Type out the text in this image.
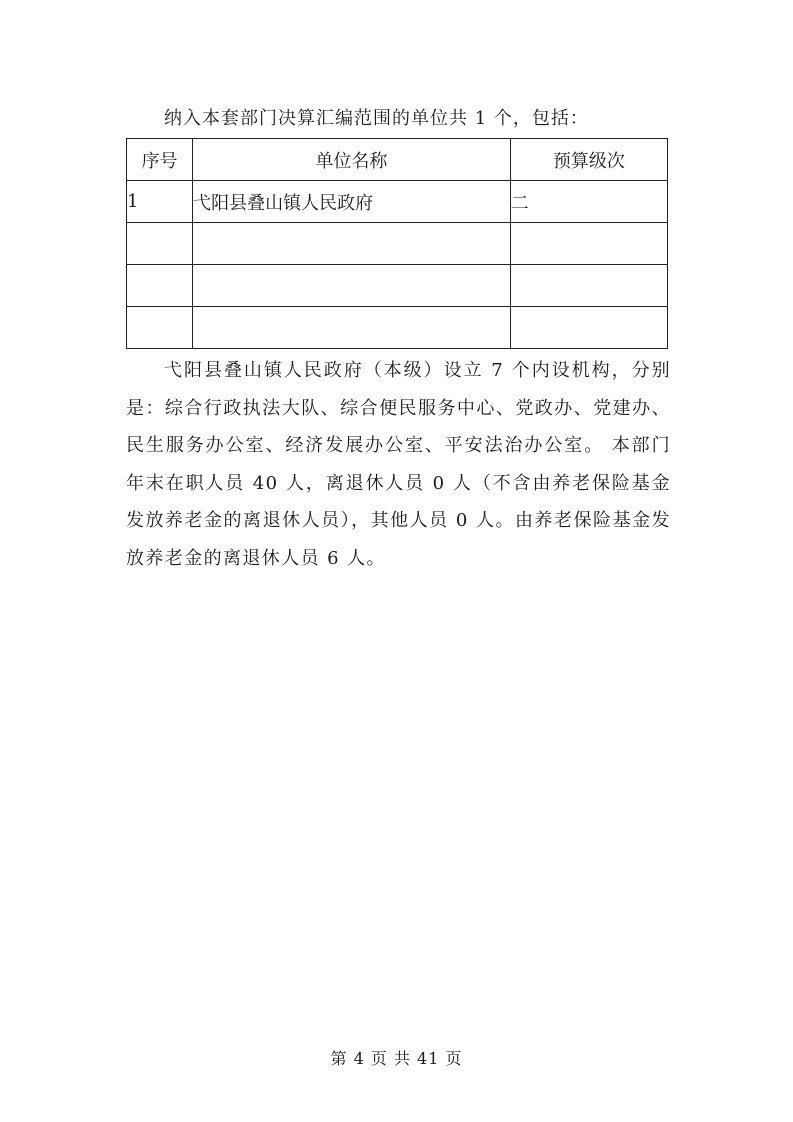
纳入本套部门决算汇编范围的单位共 1 个，包括：
序号	单位名称	预算级次
1	弋阳县叠山镇人民政府	二

弋阳县叠山镇人民政府（本级）设立 7 个内设机构，分别是：综合行政执法大队、综合便民服务中心、党政办、党建办、民生服务办公室、经济发展办公室、平安法治办公室。 本部门年末在职人员 40 人，离退休人员 0 人（不含由养老保险基金发放养老金的离退休人员），其他人员 0 人。由养老保险基金发放养老金的离退休人员 6 人。

第 4 页 共 41 页
